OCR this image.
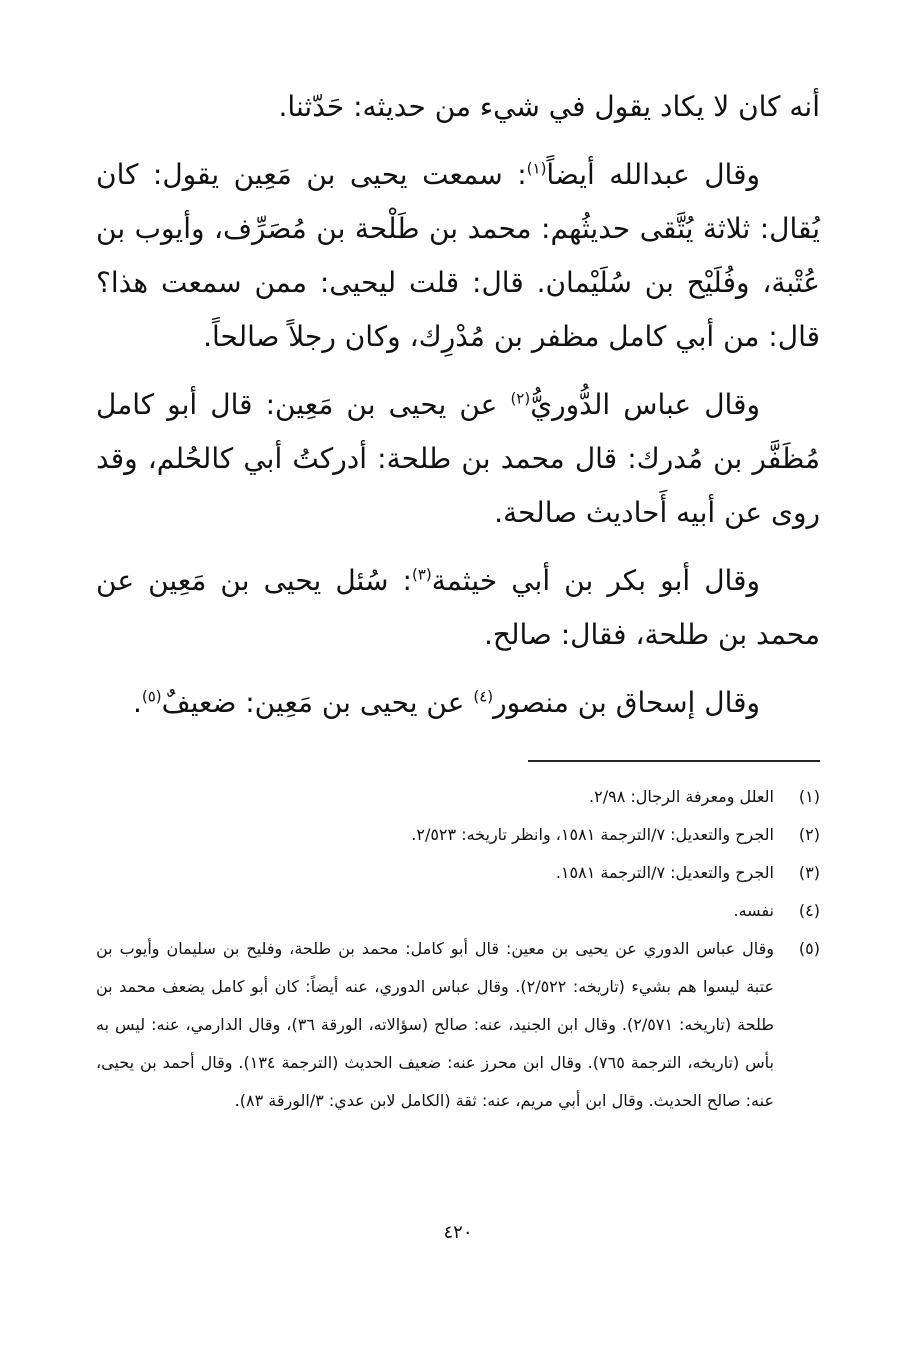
أنه كان لا يكاد يقول في شيء من حديثه: حَدّثنا.

وقال عبدالله أيضاً$^{(١)}$: سمعت يحيى بن مَعِين يقول: كان يُقال: ثلاثة يُتَّقى حديثُهم: محمد بن طَلْحة بن مُصَرِّف، وأيوب بن عُتْبة، وفُلَيْح بن سُلَيْمان. قال: قلت ليحيى: ممن سمعت هذا؟ قال: من أبي كامل مظفر بن مُدْرِك، وكان رجلاً صالحاً.

وقال عباس الدُّوريُّ$^{(٢)}$ عن يحيى بن مَعِين: قال أبو كامل مُظَفَّر بن مُدرك: قال محمد بن طلحة: أدركتُ أبي كالحُلم، وقد روى عن أبيه أَحاديث صالحة.

وقال أبو بكر بن أبي خيثمة$^{(٣)}$: سُئل يحيى بن مَعِين عن محمد بن طلحة، فقال: صالح.

وقال إسحاق بن منصور$^{(٤)}$ عن يحيى بن مَعِين: ضعيفٌ$^{(٥)}$.

(١)
العلل ومعرفة الرجال: ٢/٩٨.
(٢)
الجرح والتعديل: ٧/الترجمة ١٥٨١، وانظر تاريخه: ٢/٥٢٣.
(٣)
الجرح والتعديل: ٧/الترجمة ١٥٨١.
(٤)
نفسه.
(٥)
وقال عباس الدوري عن يحيى بن معين: قال أبو كامل: محمد بن طلحة، وفليح بن سليمان وأيوب بن عتبة ليسوا هم بشيء (تاريخه: ٢/٥٢٢). وقال عباس الدوري، عنه أيضاً: كان أبو كامل يضعف محمد بن طلحة (تاريخه: ٢/٥٧١). وقال ابن الجنيد، عنه: صالح (سؤالاته، الورقة ٣٦)، وقال الدارمي، عنه: ليس به بأس (تاريخه، الترجمة ٧٦٥). وقال ابن محرز عنه: ضعيف الحديث (الترجمة ١٣٤). وقال أحمد بن يحيى، عنه: صالح الحديث. وقال ابن أبي مريم، عنه: ثقة (الكامل لابن عدي: ٣/الورقة ٨٣).
٤٢٠
